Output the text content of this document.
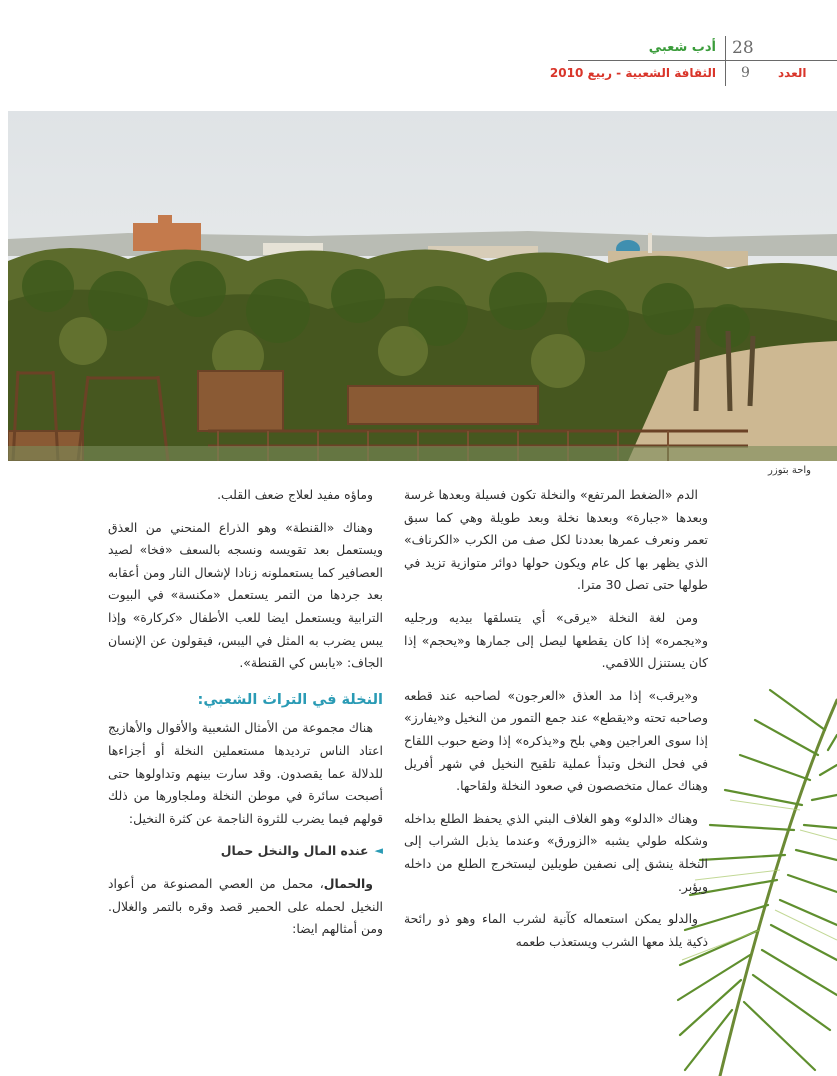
28
أدب شعبي
العدد
9
الثقافة الشعبية - ربيع 2010
واحة بتوزر

الدم «الضغط المرتفع» والنخلة تكون فسيلة وبعدها غرسة وبعدها «جبارة» وبعدها نخلة وبعد طويلة وهي كما سبق تعمر ونعرف عمرها بعددنا لكل صف من الكرب «الكرناف» الذي يظهر بها كل عام ويكون حولها دوائر متوازية تزيد في طولها حتى تصل 30 مترا.

ومن لغة النخلة «يرقى» أي يتسلقها بيديه ورجليه و«يجمره» إذا كان يقطعها ليصل إلى جمارها و«يحجم» إذا كان يستنزل اللاقمي.

و«يرقب» إذا مد العذق «العرجون» لصاحبه عند قطعه وصاحبه تحته و«يقطع» عند جمع التمور من النخيل و«يفارز» إذا سوى العراجين وهي بلح و«يذكره» إذا وضع حبوب اللقاح في فحل النخل وتبدأ عملية تلقيح النخيل في شهر أفريل وهناك عمال متخصصون في صعود النخلة ولقاحها.

وهناك «الدلو» وهو الغلاف البني الذي يحفظ الطلع بداخله وشكله طولي يشبه «الزورق» وعندما يذبل الشراب إلى النخلة ينشق إلى نصفين طويلين ليستخرج الطلع من داخله ويؤبر.

والدلو يمكن استعماله كآنية لشرب الماء وهو ذو رائحة ذكية يلذ معها الشرب ويستعذب طعمه

وماؤه مفيد لعلاج ضعف القلب.

وهناك «القنطة» وهو الذراع المنحني من العذق ويستعمل بعد تقويسه ونسجه بالسعف «فخا» لصيد العصافير كما يستعملونه زنادا لإشعال النار ومن أعقابه بعد جردها من التمر يستعمل «مكنسة» في البيوت الترابية ويستعمل ايضا للعب الأطفال «كركارة» وإذا يبس يضرب به المثل في اليبس، فيقولون عن الإنسان الجاف: «يابس كي القنطة».

النخلة في التراث الشعبي:

هناك مجموعة من الأمثال الشعبية والأقوال والأهازيج اعتاد الناس ترديدها مستعملين النخلة أو أجزاءها للدلالة عما يقصدون. وقد سارت بينهم وتداولوها حتى أصبحت سائرة في موطن النخلة وملجاورها من ذلك قولهم فيما يضرب للثروة الناجمة عن كثرة النخيل:

◄
عنده المال والنخل حمال

والحمال، محمل من العصي المصنوعة من أعواد النخيل لحمله على الحمير قصد وقره بالتمر والغلال. ومن أمثالهم ايضا:
